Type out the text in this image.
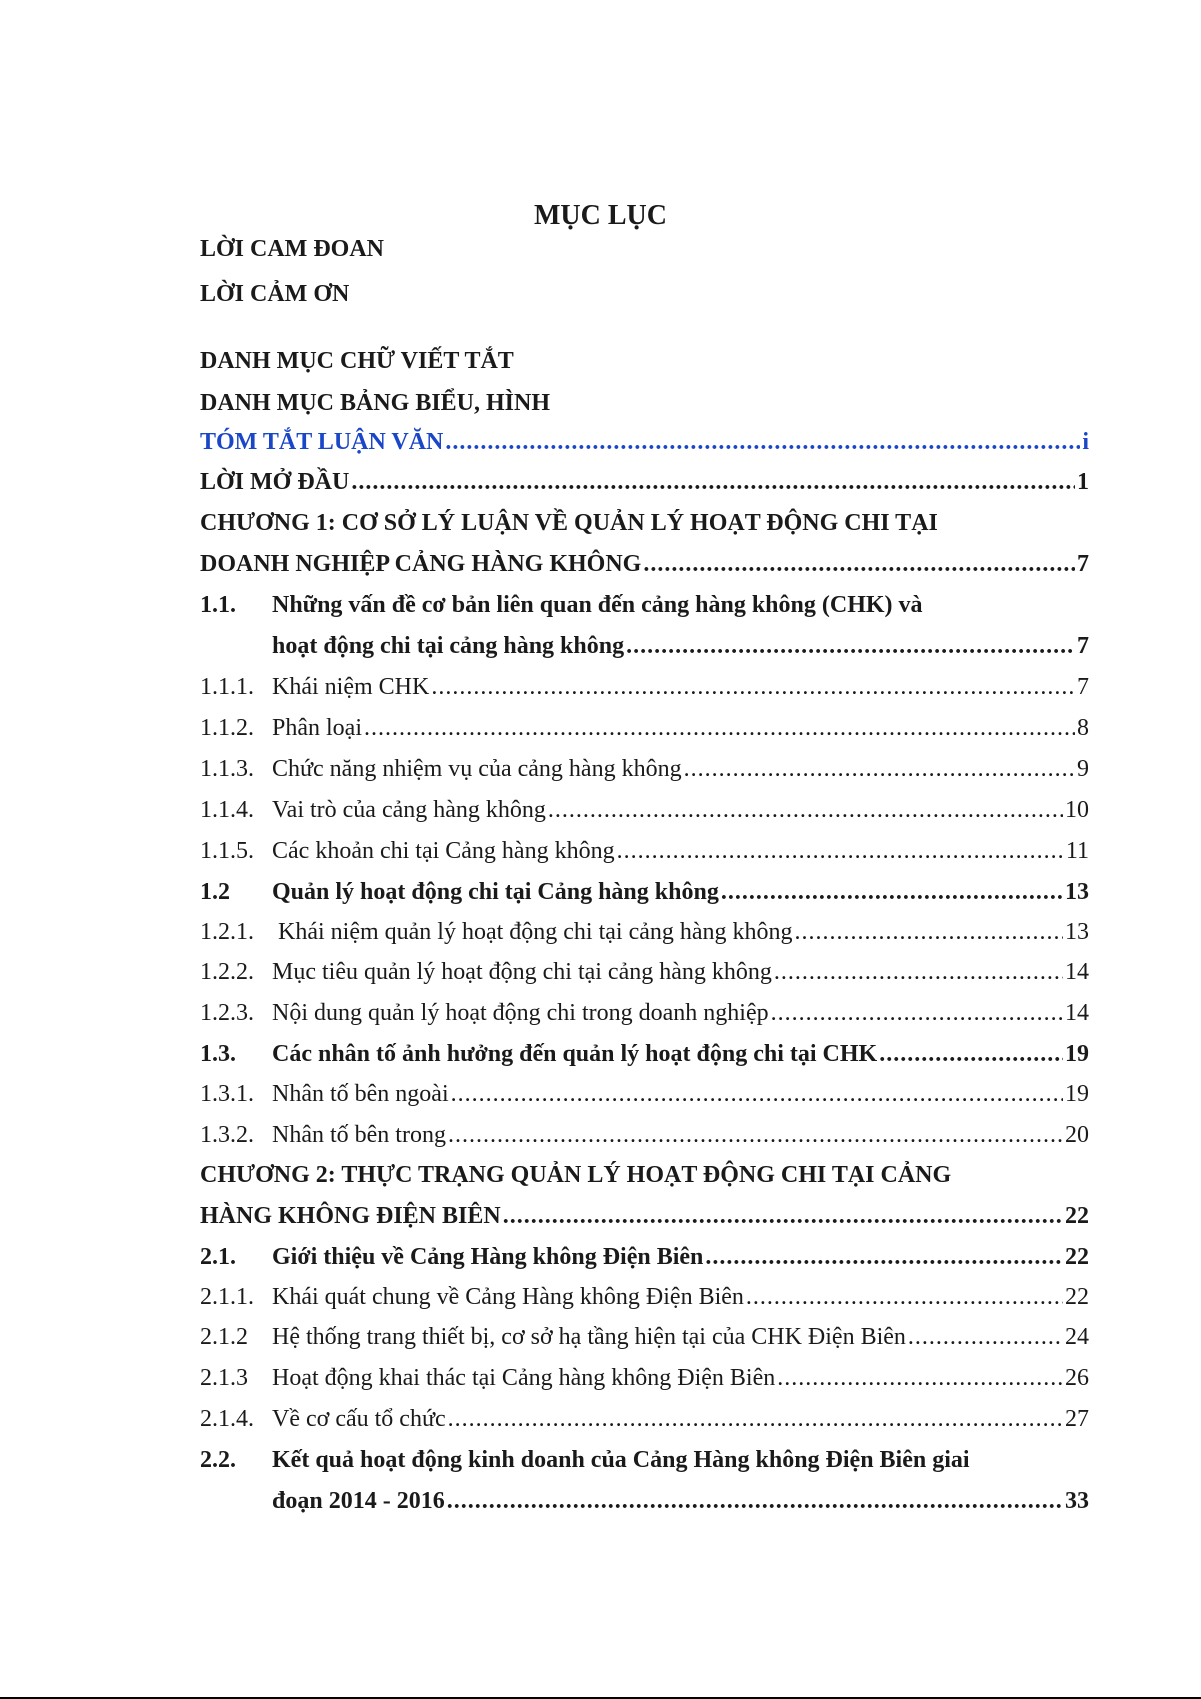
MỤC LỤC
LỜI CAM ĐOAN
LỜI CẢM ƠN
DANH MỤC CHỮ VIẾT TẮT
DANH MỤC BẢNG BIỂU, HÌNH
TÓM TẮT LUẬN VĂN .....	i
LỜI MỞ ĐẦU .....	1
CHƯƠNG 1: CƠ SỞ LÝ LUẬN VỀ QUẢN LÝ HOẠT ĐỘNG CHI TẠI
DOANH NGHIỆP CẢNG HÀNG KHÔNG .....	7
1.1.	Những vấn đề cơ bản liên quan đến cảng hàng không (CHK) và
hoạt động chi tại cảng hàng không .....	7
1.1.1. Khái niệm CHK .....	7
1.1.2. Phân loại .....	8
1.1.3. Chức năng nhiệm vụ của cảng hàng không .....	9
1.1.4. Vai trò của cảng hàng không .....	10
1.1.5. Các khoản chi tại Cảng hàng không .....	11
1.2	Quản lý hoạt động chi tại Cảng hàng không .....	13
1.2.1. Khái niệm quản lý hoạt động chi tại cảng hàng không .....	13
1.2.2. Mục tiêu quản lý hoạt động chi tại cảng hàng không .....	14
1.2.3. Nội dung quản lý hoạt động chi trong doanh nghiệp .....	14
1.3.	Các nhân tố ảnh hưởng đến quản lý hoạt động chi tại CHK .....	19
1.3.1. Nhân tố bên ngoài .....	19
1.3.2. Nhân tố bên trong .....	20
CHƯƠNG 2: THỰC TRẠNG QUẢN LÝ HOẠT ĐỘNG CHI TẠI CẢNG
HÀNG KHÔNG ĐIỆN BIÊN .....	22
2.1.	Giới thiệu về Cảng Hàng không Điện Biên .....	22
2.1.1. Khái quát chung về Cảng Hàng không Điện Biên .....	22
2.1.2	Hệ thống trang thiết bị, cơ sở hạ tầng hiện tại của CHK Điện Biên .....	24
2.1.3	Hoạt động khai thác tại Cảng hàng không Điện Biên .....	26
2.1.4. Về cơ cấu tổ chức .....	27
2.2.	Kết quả hoạt động kinh doanh của Cảng Hàng không Điện Biên giai
đoạn 2014 - 2016 .....	33
